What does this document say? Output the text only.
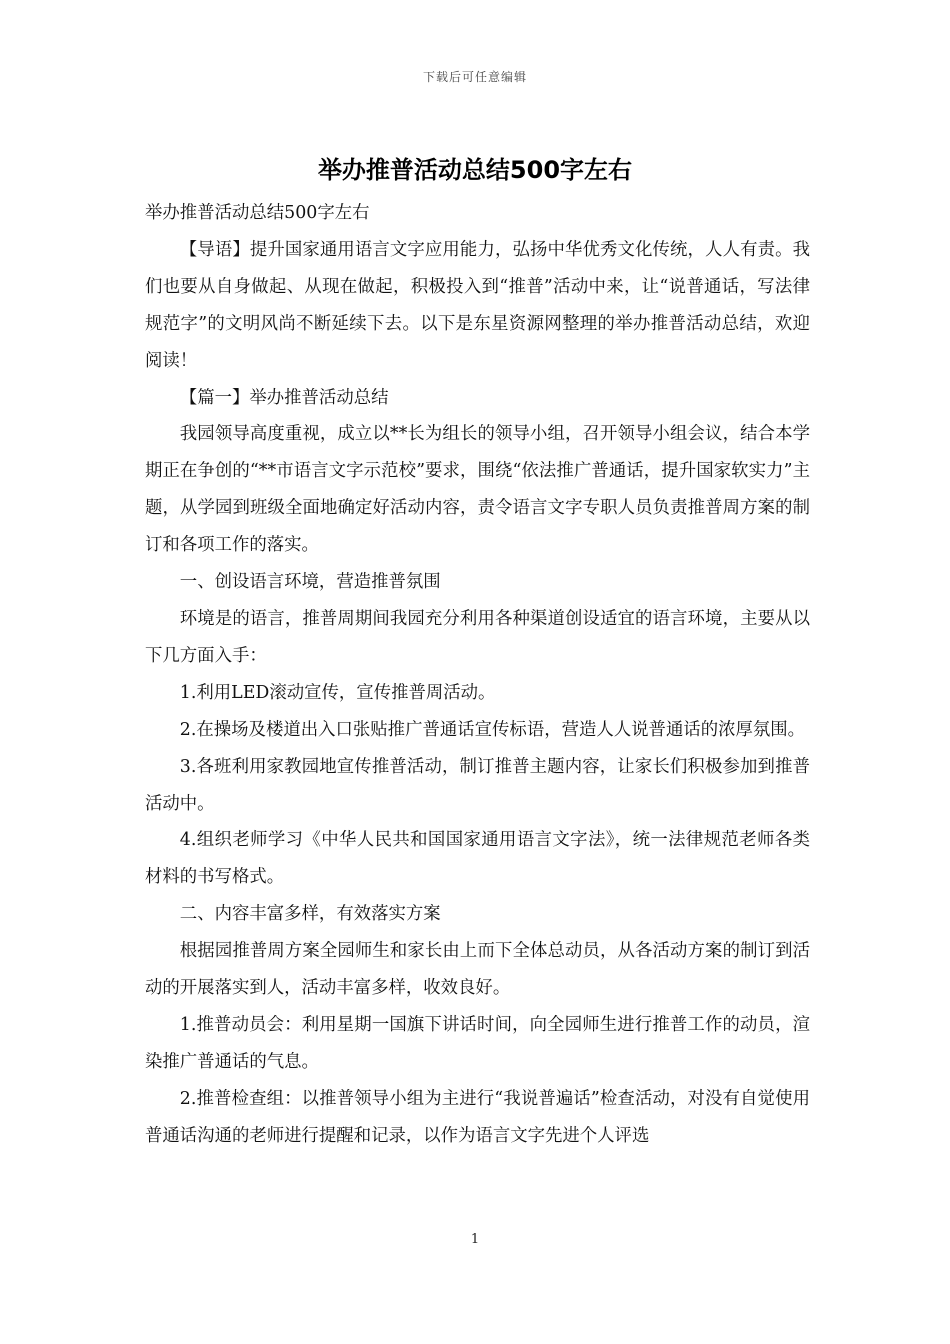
下载后可任意编辑
举办推普活动总结500字左右

举办推普活动总结500字左右

【导语】提升国家通用语言文字应用能力，弘扬中华优秀文化传统，人人有责。我们也要从自身做起、从现在做起，积极投入到“推普”活动中来，让“说普通话，写法律规范字”的文明风尚不断延续下去。以下是东星资源网整理的举办推普活动总结，欢迎阅读！

【篇一】举办推普活动总结

我园领导高度重视，成立以**长为组长的领导小组，召开领导小组会议，结合本学期正在争创的“**市语言文字示范校”要求，围绕“依法推广普通话，提升国家软实力”主题，从学园到班级全面地确定好活动内容，责令语言文字专职人员负责推普周方案的制订和各项工作的落实。

一、创设语言环境，营造推普氛围

环境是的语言，推普周期间我园充分利用各种渠道创设适宜的语言环境，主要从以下几方面入手：

1.利用LED滚动宣传，宣传推普周活动。

2.在操场及楼道出入口张贴推广普通话宣传标语，营造人人说普通话的浓厚氛围。

3.各班利用家教园地宣传推普活动，制订推普主题内容，让家长们积极参加到推普活动中。

4.组织老师学习《中华人民共和国国家通用语言文字法》，统一法律规范老师各类材料的书写格式。

二、内容丰富多样，有效落实方案

根据园推普周方案全园师生和家长由上而下全体总动员，从各活动方案的制订到活动的开展落实到人，活动丰富多样，收效良好。

1.推普动员会：利用星期一国旗下讲话时间，向全园师生进行推普工作的动员，渲染推广普通话的气息。

2.推普检查组：以推普领导小组为主进行“我说普遍话”检查活动，对没有自觉使用普通话沟通的老师进行提醒和记录，以作为语言文字先进个人评选

1
